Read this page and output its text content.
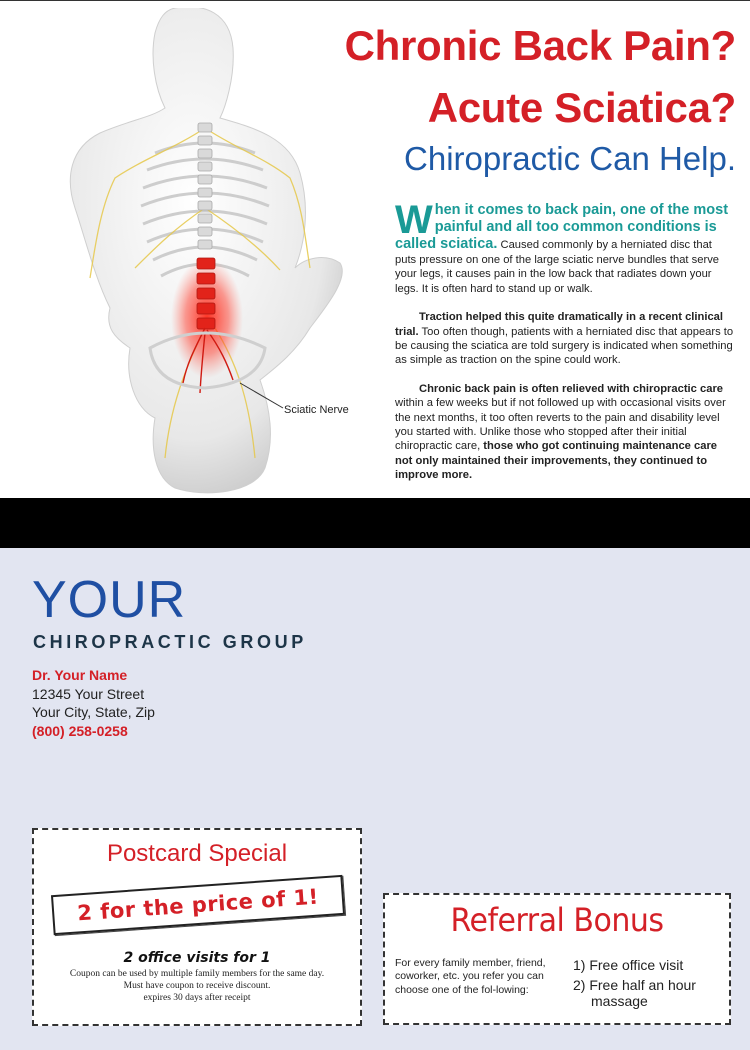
Sciatic Nerve
Chronic Back Pain?
Acute Sciatica?
Chiropractic Can Help.
When it comes to back pain, one of the most painful and all too common conditions is called sciatica. Caused commonly by a herniated disc that puts pressure on one of the large sciatic nerve bundles that serve your legs, it causes pain in the low back that radiates down your legs. It is often hard to stand up or walk.
Traction helped this quite dramatically in a recent clinical trial. Too often though, patients with a herniated disc that appears to be causing the sciatica are told surgery is indicated when something as simple as traction on the spine could work.
Chronic back pain is often relieved with chiropractic care within a few weeks but if not followed up with occasional visits over the next months, it too often reverts to the pain and disability level you started with. Unlike those who stopped after their initial chiropractic care, those who got continuing maintenance care not only maintained their improvements, they continued to improve more.
YOUR
CHIROPRACTIC GROUP
Dr. Your Name
12345 Your Street
Your City, State, Zip
(800) 258-0258
Postcard Special
2 for the price of 1!
2 office visits for 1
Coupon can be used by multiple family members for the same day.
Must have coupon to receive discount.
expires 30 days after receipt
Referral Bonus
For every family member, friend, coworker, etc. you refer you can choose one of the fol-lowing:
1) Free office visit
2) Free half an hour massage
